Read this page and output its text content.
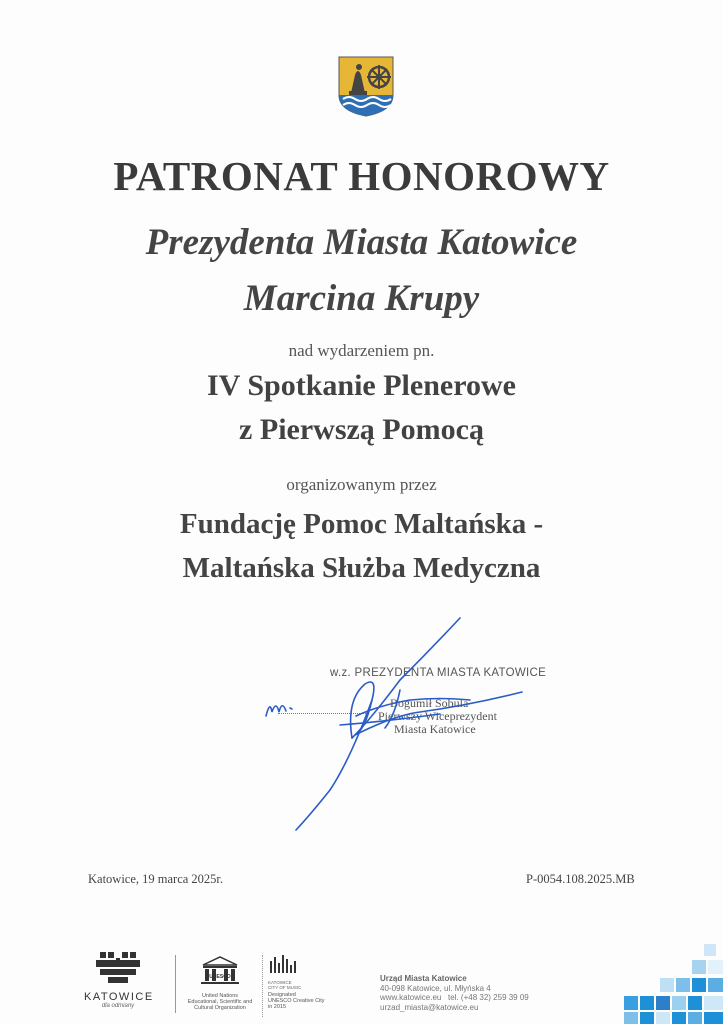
PATRONAT HONOROWY
Prezydenta Miasta Katowice
Marcina Krupy
nad wydarzeniem pn.
IV Spotkanie Plenerowe
z Pierwszą Pomocą
organizowanym przez
Fundację Pomoc Maltańska -
Maltańska Służba Medyczna
w.z. PREZYDENTA MIASTA KATOWICE
Bogumił Sobula
Pierwszy Wiceprezydent
Miasta Katowice
Katowice, 19 marca 2025r.	P-0054.108.2025.MB
KATOWICE
dla odmiany
UNESCO
United Nations
Educational, Scientific and
Cultural Organization
KATOWICE
CITY OF MUSIC
Designated
UNESCO Creative City
in 2015
Urząd Miasta Katowice
40-098 Katowice, ul. Młyńska 4
www.katowice.eu   tel. (+48 32) 259 39 09
urzad_miasta@katowice.eu
